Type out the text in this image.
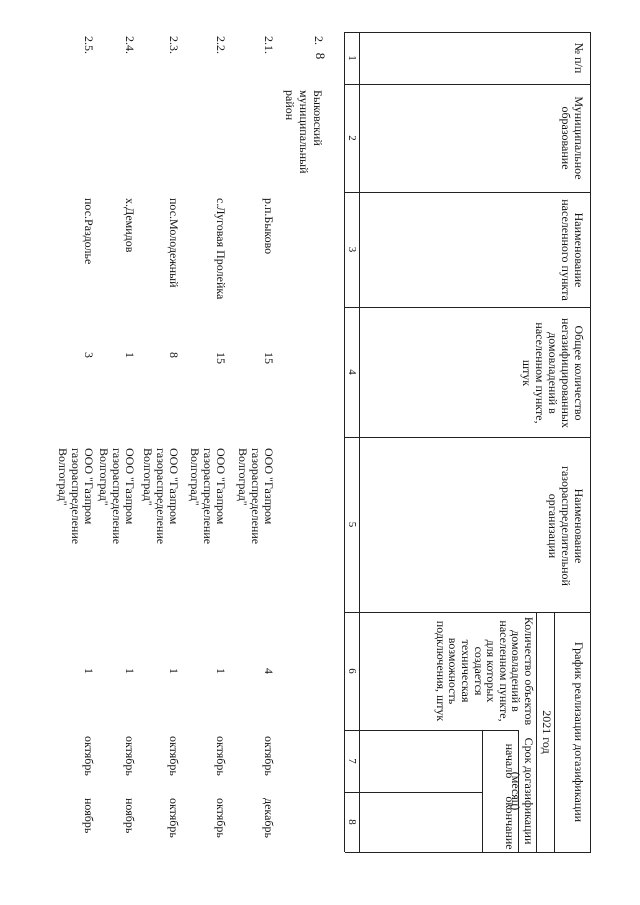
8	№ п/п
Муниципальное образование
Наименование населенного пункта
Общее количество негазифицированных домовладений в населенном пункте, штук
Наименование газораспределительной организации
График реализации догазификации
2021 год
Количество объектов домовладений в населенном пункте, для которых создается техническая возможность подключения, штук
Срок догазификации (месяц)
начало
окончание
1
2
3
4
5
6
7
8
2.
Быковский муниципальный район
2.1.
р.п.Быково
15
ООО "Газпром газораспределение Волгоград"
4
октябрь
декабрь
2.2.
с.Луговая Пролейка
15
ООО "Газпром газораспределение Волгоград"
1
октябрь
октябрь
2.3.
пос.Молодежный
8
ООО "Газпром газораспределение Волгоград"
1
октябрь
октябрь
2.4.
х.Демидов
1
ООО "Газпром газораспределение Волгоград"
1
октябрь
ноябрь
2.5.
пос.Раздолье
3
ООО "Газпром газораспределение Волгоград"
1
октябрь
ноябрь
